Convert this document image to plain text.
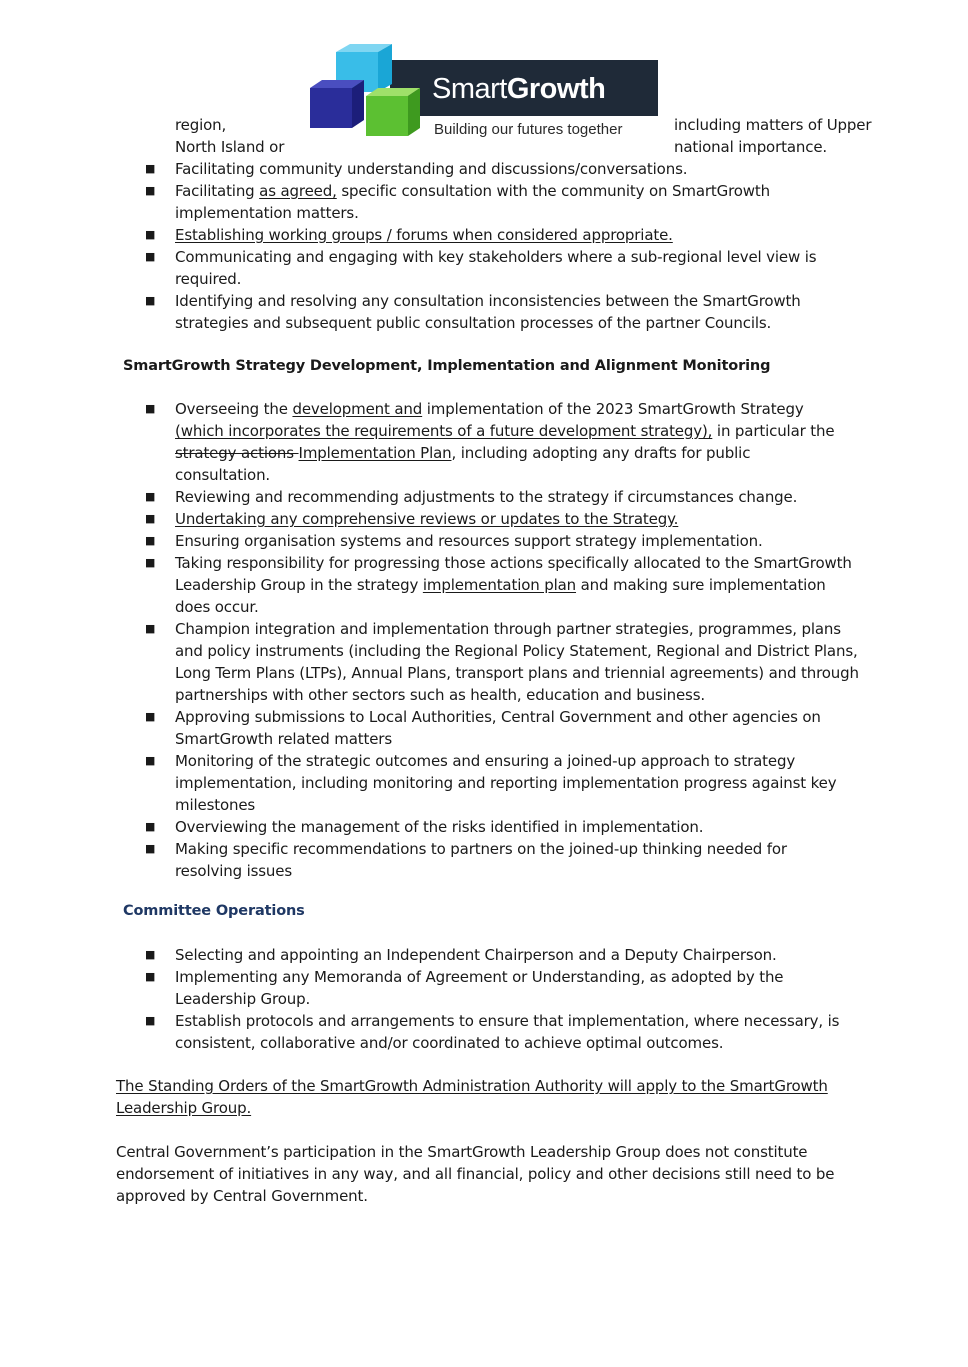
SmartGrowth
Building our futures together
region,	including matters of Upper
North Island or	national importance.
■ Facilitating community understanding and discussions/conversations.
■ Facilitating as agreed, specific consultation with the community on SmartGrowth
implementation matters.
■ Establishing working groups / forums when considered appropriate.
■ Communicating and engaging with key stakeholders where a sub-regional level view is
required.
■ Identifying and resolving any consultation inconsistencies between the SmartGrowth
strategies and subsequent public consultation processes of the partner Councils.
SmartGrowth Strategy Development, Implementation and Alignment Monitoring
■ Overseeing the development and implementation of the 2023 SmartGrowth Strategy
(which incorporates the requirements of a future development strategy), in particular the
strategy actions Implementation Plan, including adopting any drafts for public
consultation.
■ Reviewing and recommending adjustments to the strategy if circumstances change.
■ Undertaking any comprehensive reviews or updates to the Strategy.
■ Ensuring organisation systems and resources support strategy implementation.
■ Taking responsibility for progressing those actions specifically allocated to the SmartGrowth
Leadership Group in the strategy implementation plan and making sure implementation
does occur.
■ Champion integration and implementation through partner strategies, programmes, plans
and policy instruments (including the Regional Policy Statement, Regional and District Plans,
Long Term Plans (LTPs), Annual Plans, transport plans and triennial agreements) and through
partnerships with other sectors such as health, education and business.
■ Approving submissions to Local Authorities, Central Government and other agencies on
SmartGrowth related matters
■ Monitoring of the strategic outcomes and ensuring a joined-up approach to strategy
implementation, including monitoring and reporting implementation progress against key
milestones
■ Overviewing the management of the risks identified in implementation.
■ Making specific recommendations to partners on the joined-up thinking needed for
resolving issues
Committee Operations
■ Selecting and appointing an Independent Chairperson and a Deputy Chairperson.
■ Implementing any Memoranda of Agreement or Understanding, as adopted by the
Leadership Group.
■ Establish protocols and arrangements to ensure that implementation, where necessary, is
consistent, collaborative and/or coordinated to achieve optimal outcomes.
The Standing Orders of the SmartGrowth Administration Authority will apply to the SmartGrowth
Leadership Group.
Central Government’s participation in the SmartGrowth Leadership Group does not constitute
endorsement of initiatives in any way, and all financial, policy and other decisions still need to be
approved by Central Government.
